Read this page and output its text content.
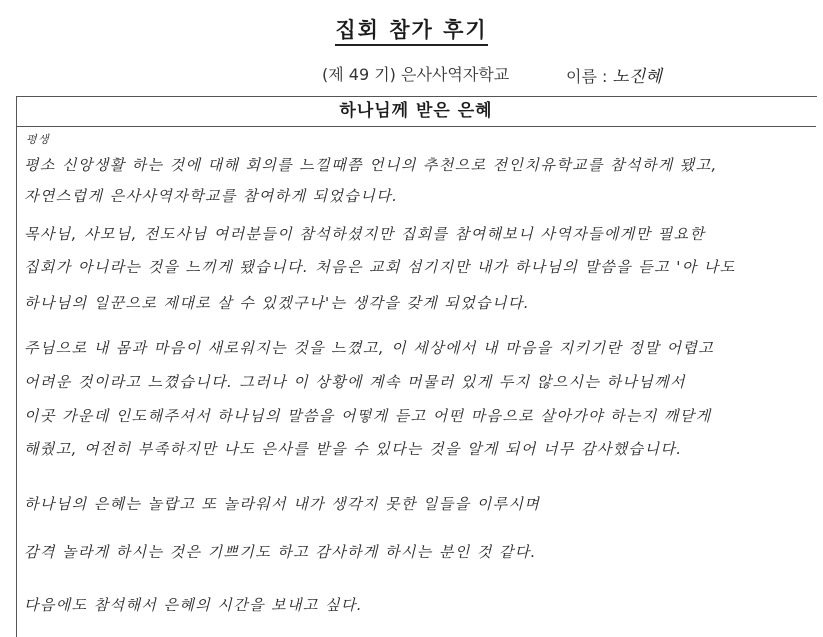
집회 참가 후기
(제 49 기) 은사사역자학교	이름 : 노진혜
하나님께 받은 은혜
평생
평소 신앙생활 하는 것에 대해 회의를 느낄때쯤 언니의 추천으로 전인치유학교를 참석하게 됐고,
자연스럽게 은사사역자학교를 참여하게 되었습니다.
목사님, 사모님, 전도사님 여러분들이 참석하셨지만 집회를 참여해보니 사역자들에게만 필요한
집회가 아니라는 것을 느끼게 됐습니다. 처음은 교회 섬기지만 내가 하나님의 말씀을 듣고 '아 나도
하나님의 일꾼으로 제대로 살 수 있겠구나'는 생각을 갖게 되었습니다.
주님으로 내 몸과 마음이 새로워지는 것을 느꼈고, 이 세상에서 내 마음을 지키기란 정말 어렵고
어려운 것이라고 느꼈습니다. 그러나 이 상황에 계속 머물러 있게 두지 않으시는 하나님께서
이곳 가운데 인도해주셔서 하나님의 말씀을 어떻게 듣고 어떤 마음으로 살아가야 하는지 깨닫게
해줬고, 여전히 부족하지만 나도 은사를 받을 수 있다는 것을 알게 되어 너무 감사했습니다.
하나님의 은혜는 놀랍고 또 놀라워서 내가 생각지 못한 일들을 이루시며
감격 놀라게 하시는 것은 기쁘기도 하고 감사하게 하시는 분인 것 같다.
다음에도 참석해서 은혜의 시간을 보내고 싶다.
